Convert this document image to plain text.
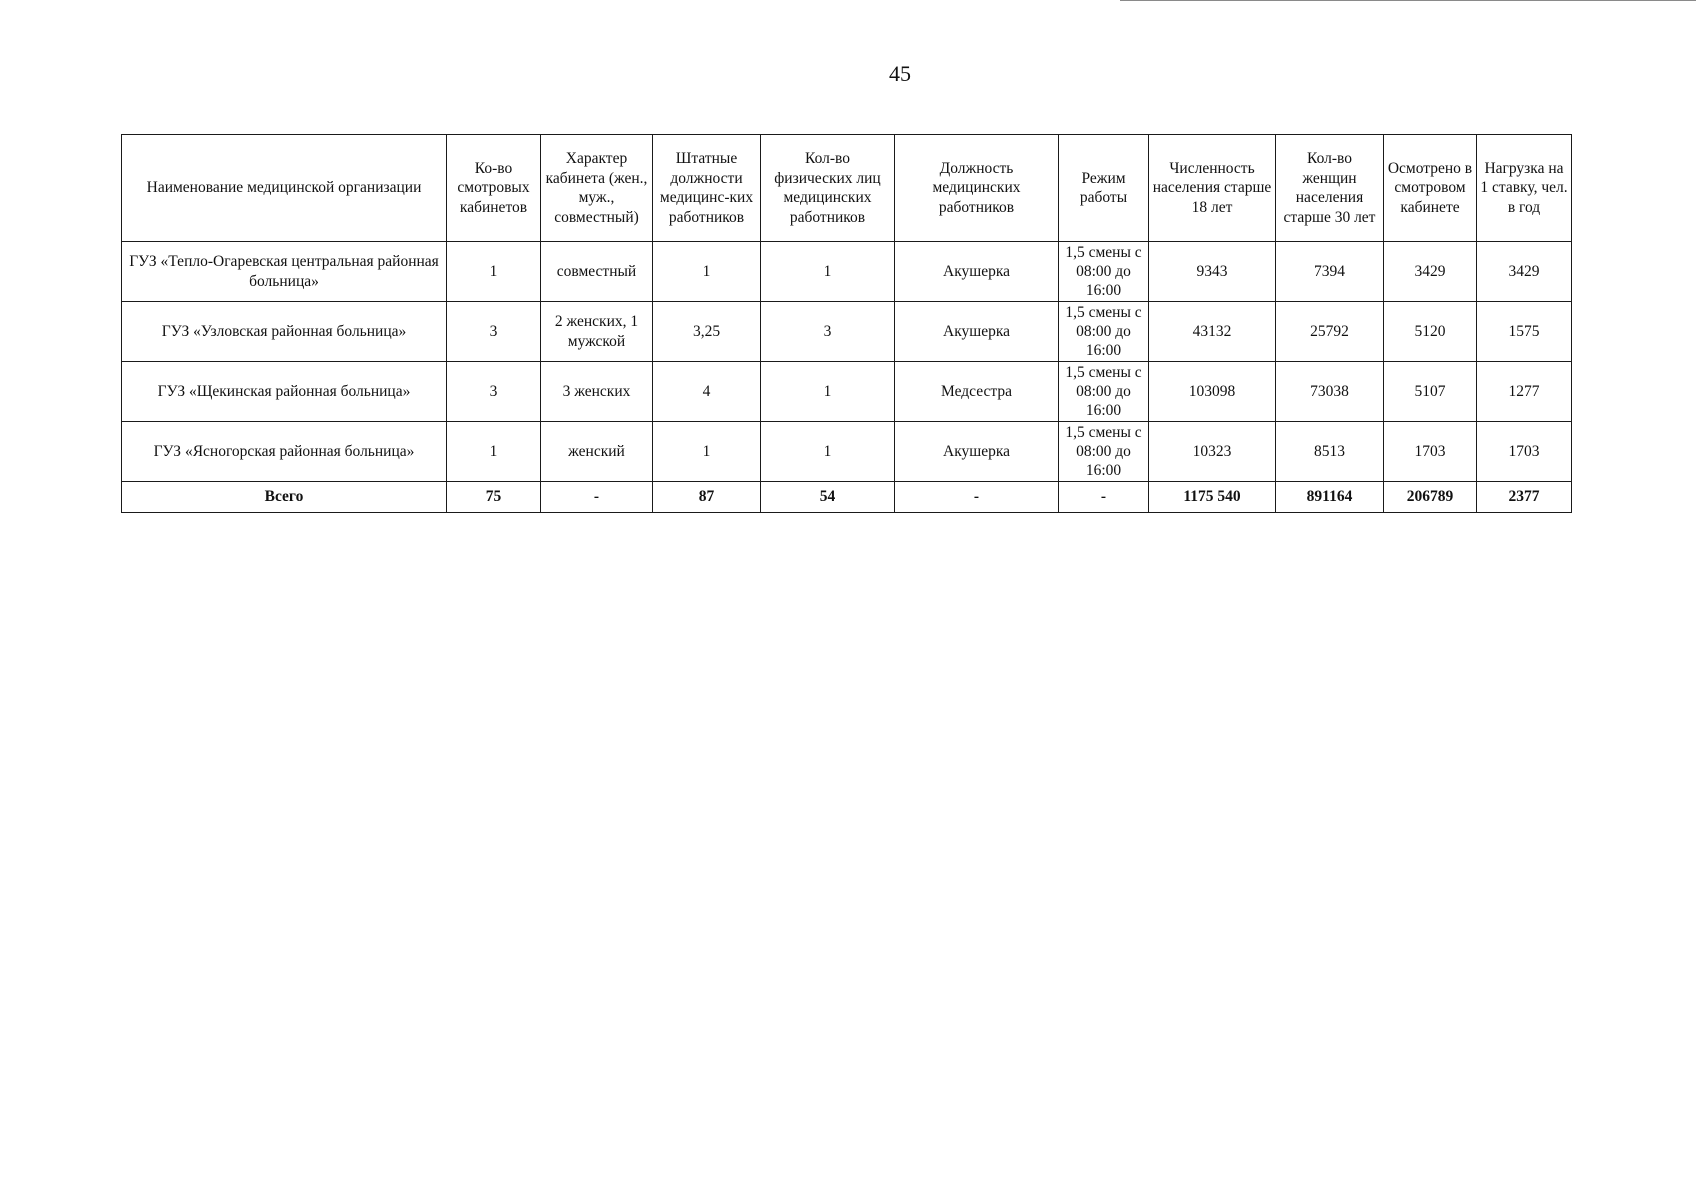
45
Наименование медицинской организации	Ко-во смотровых кабинетов	Характер кабинета (жен., муж., совместный)	Штатные должности медицинс-ких работников	Кол-во физических лиц медицинских работников	Должность медицинских работников	Режим работы	Численность населения старше 18 лет	Кол-во женщин населения старше 30 лет	Осмотрено в смотровом кабинете	Нагрузка на 1 ставку, чел. в год
ГУЗ «Тепло-Огаревская центральная районная больница»	1	совместный	1	1	Акушерка	1,5 смены с 08:00 до 16:00	9343	7394	3429	3429
ГУЗ «Узловская районная больница»	3	2 женских, 1 мужской	3,25	3	Акушерка	1,5 смены с 08:00 до 16:00	43132	25792	5120	1575
ГУЗ «Щекинская районная больница»	3	3 женских	4	1	Медсестра	1,5 смены с 08:00 до 16:00	103098	73038	5107	1277
ГУЗ «Ясногорская районная больница»	1	женский	1	1	Акушерка	1,5 смены с 08:00 до 16:00	10323	8513	1703	1703
Всего	75	-	87	54	-	-	1175 540	891164	206789	2377
